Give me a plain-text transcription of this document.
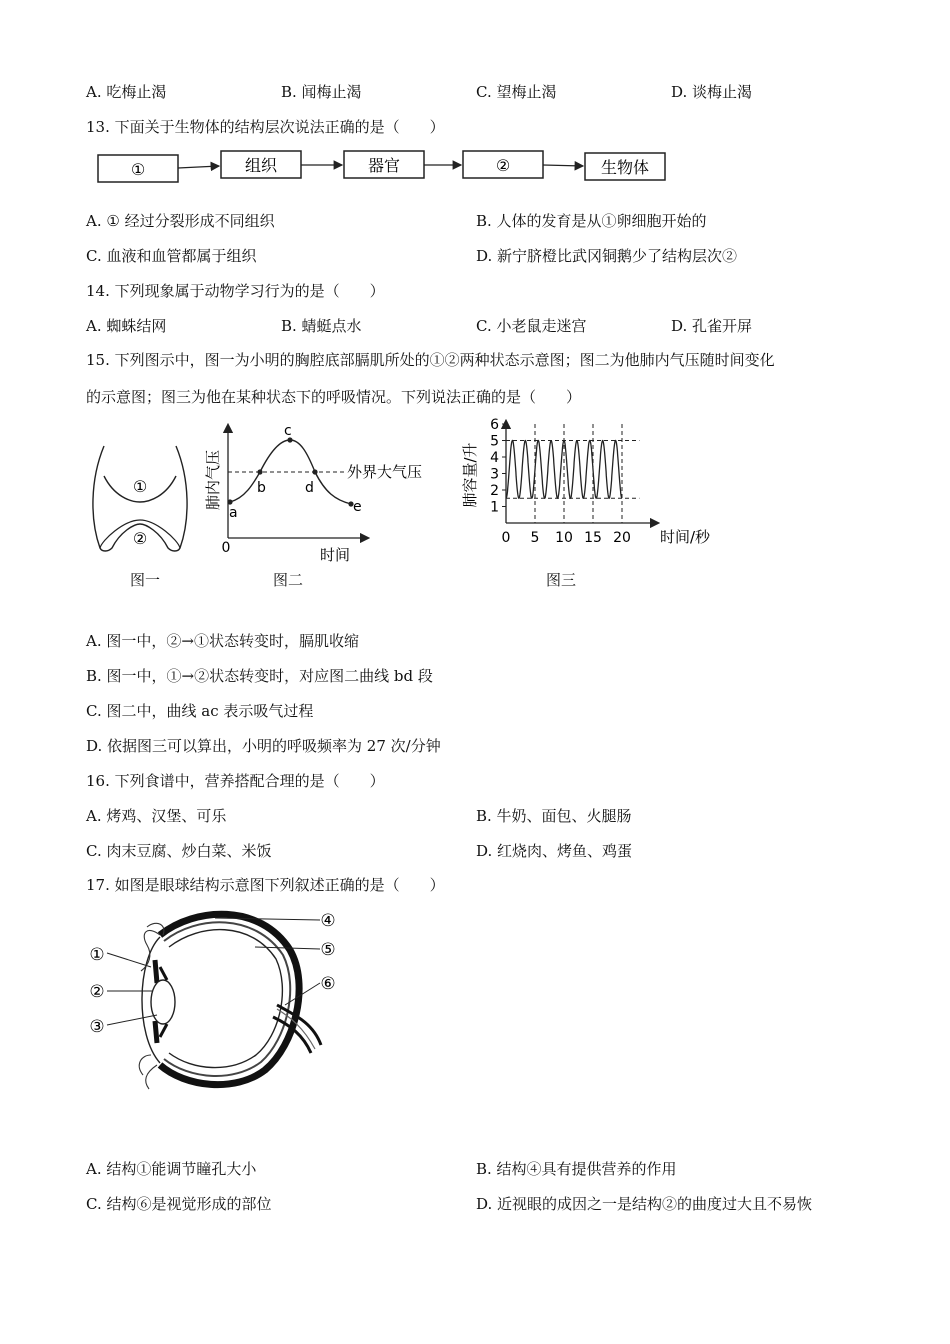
A. 吃梅止渴	B. 闻梅止渴	C. 望梅止渴	D. 谈梅止渴
13. 下面关于生物体的结构层次说法正确的是（　　）
①	组织	器官	②	生物体
A. ① 经过分裂形成不同组织	B. 人体的发育是从①卵细胞开始的
C. 血液和血管都属于组织	D. 新宁脐橙比武冈铜鹅少了结构层次②
14. 下列现象属于动物学习行为的是（　　）
A. 蜘蛛结网	B. 蜻蜓点水	C. 小老鼠走迷宫	D. 孔雀开屏
15. 下列图示中，图一为小明的胸腔底部膈肌所处的①②两种状态示意图；图二为他肺内气压随时间变化
的示意图；图三为他在某种状态下的呼吸情况。下列说法正确的是（　　）
①
②
图一
a
b
c
d
e
0	时间
外界大气压
肺内气压
图二
0 5 10 15 20
1
2
3
4
5
6
时间/秒
肺容量/升
图三
A. 图一中，②→①状态转变时，膈肌收缩
B. 图一中，①→②状态转变时，对应图二曲线 bd 段
C. 图二中，曲线 ac 表示吸气过程
D. 依据图三可以算出，小明的呼吸频率为 27 次/分钟
16. 下列食谱中，营养搭配合理的是（　　）
A. 烤鸡、汉堡、可乐	B. 牛奶、面包、火腿肠
C. 肉末豆腐、炒白菜、米饭	D. 红烧肉、烤鱼、鸡蛋
17. 如图是眼球结构示意图下列叙述正确的是（　　）
①
②
③
④
⑤
⑥
A. 结构①能调节瞳孔大小	B. 结构④具有提供营养的作用
C. 结构⑥是视觉形成的部位	D. 近视眼的成因之一是结构②的曲度过大且不易恢
